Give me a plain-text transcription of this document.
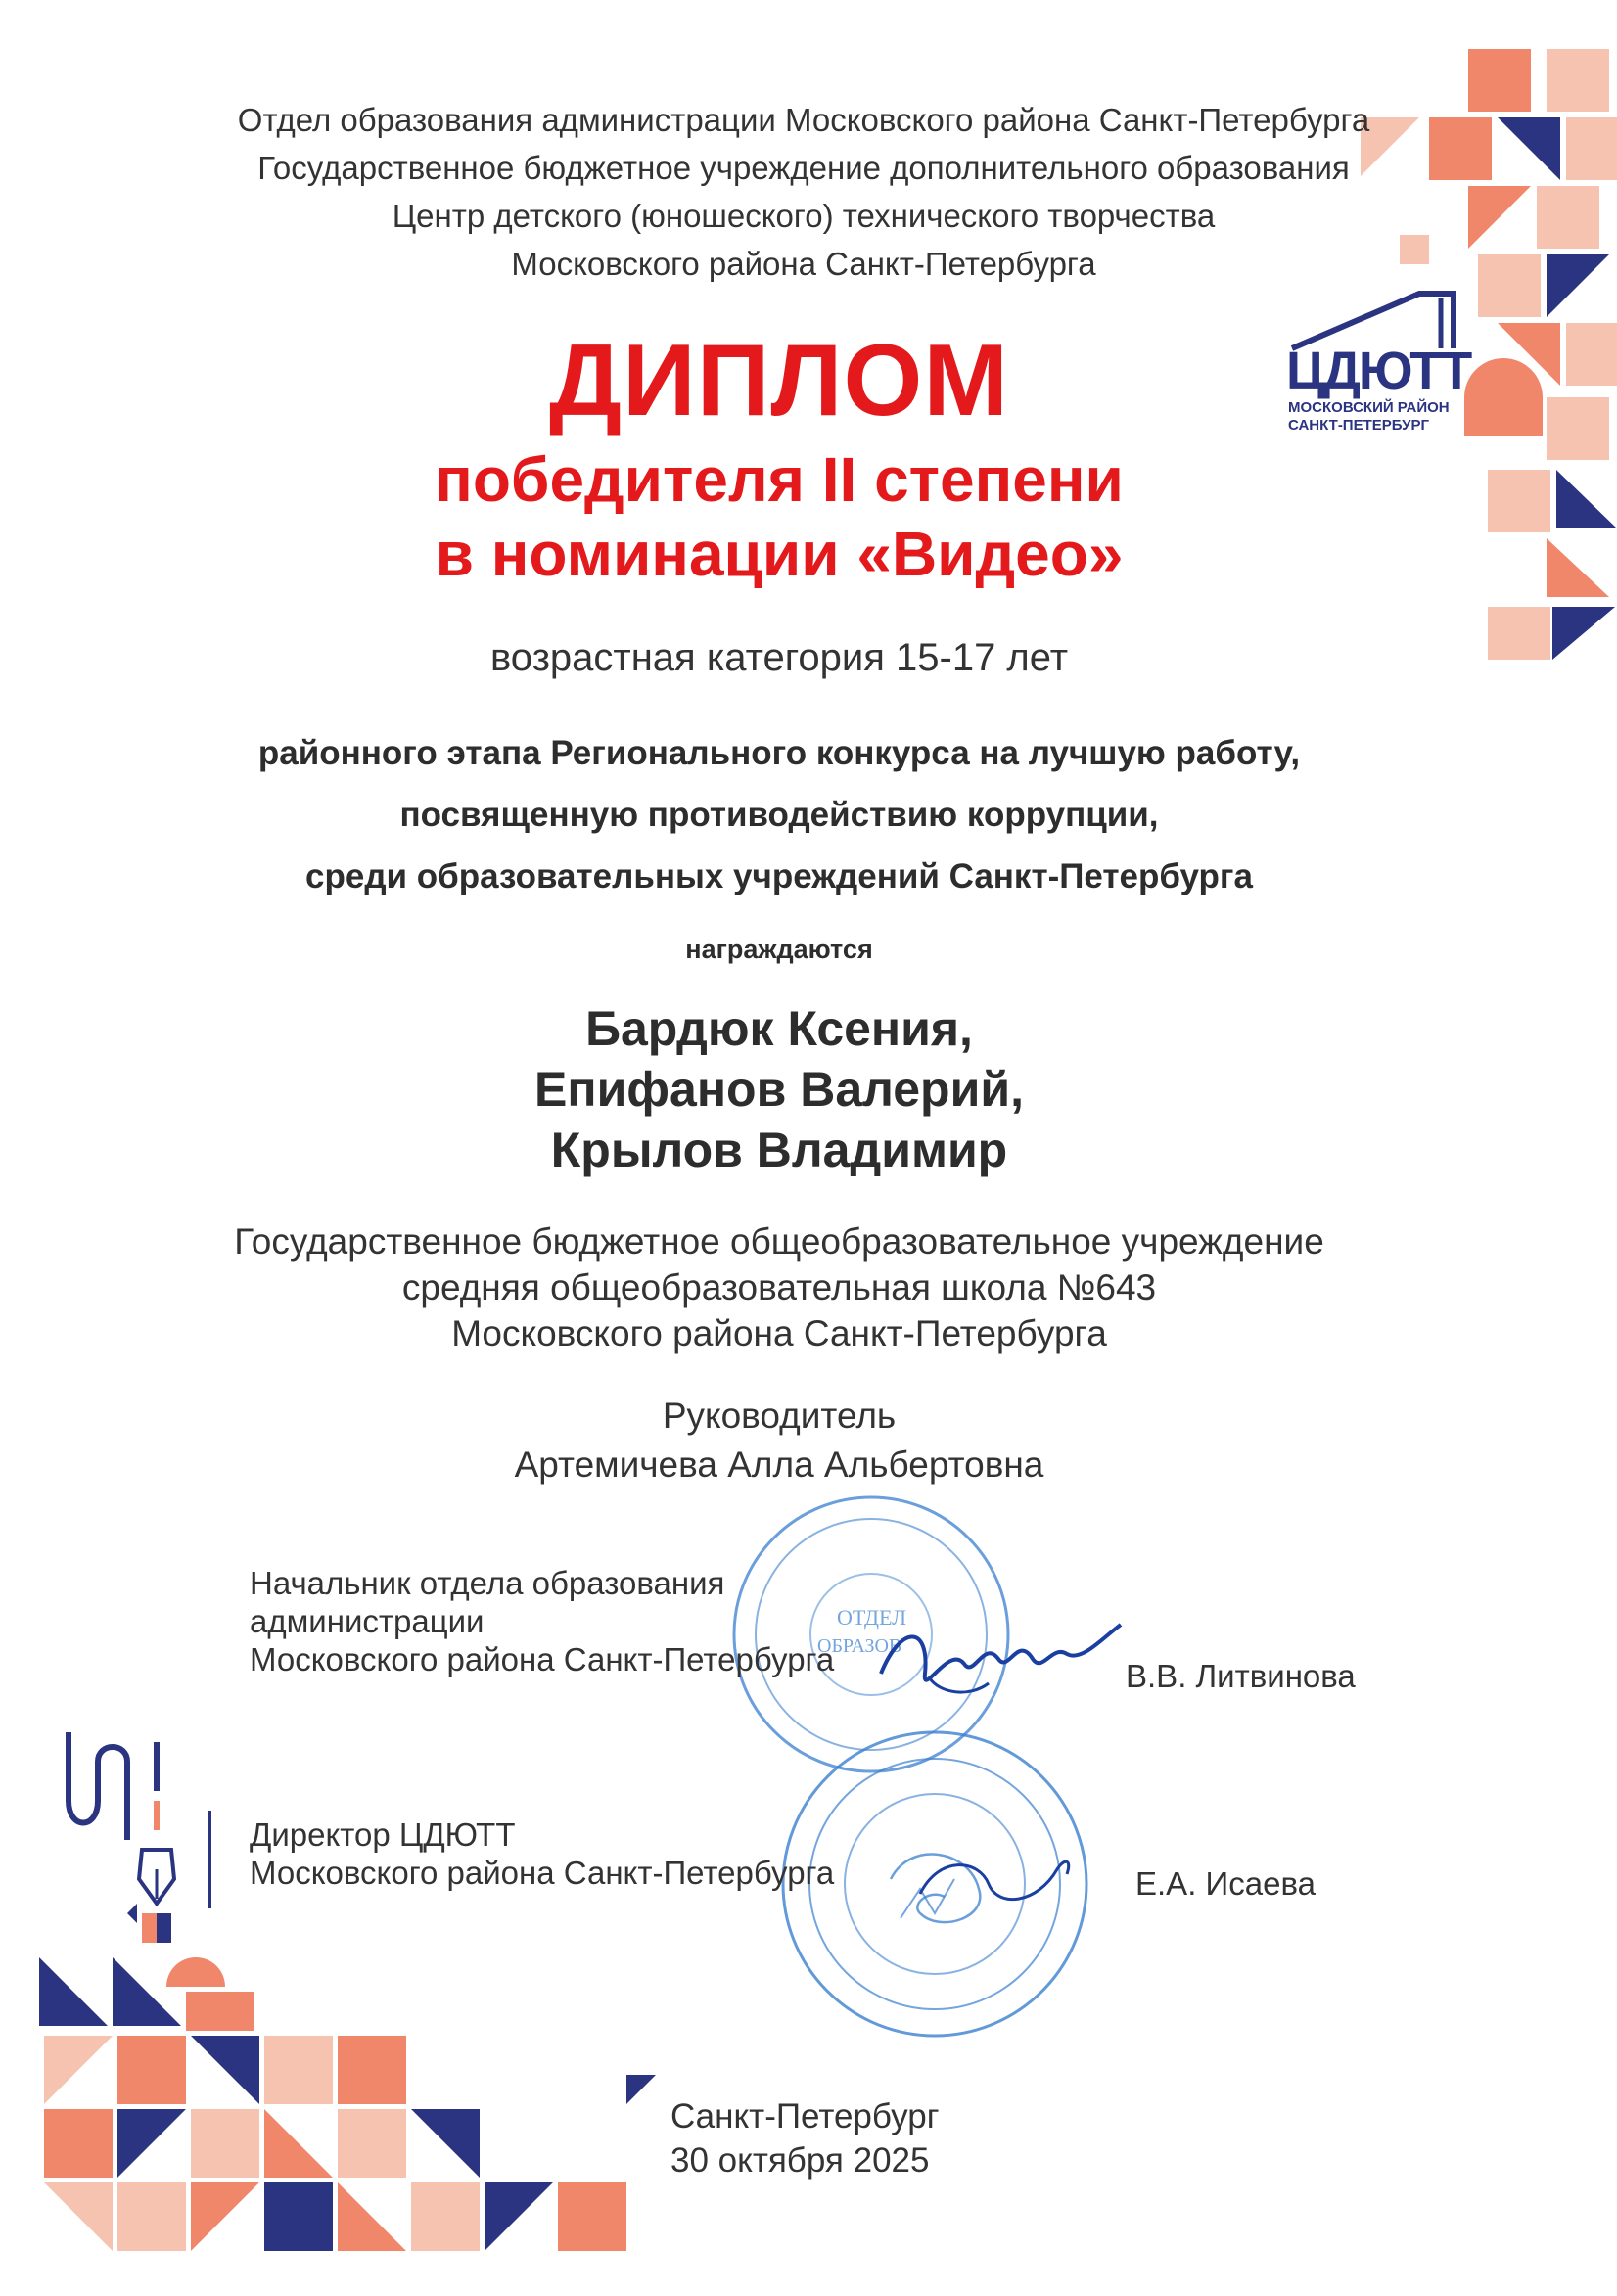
ЦДЮТТ
МОСКОВСКИЙ РАЙОН
САНКТ-ПЕТЕРБУРГ
Отдел образования администрации Московского района Санкт-Петербурга
Государственное бюджетное учреждение дополнительного образования
Центр детского (юношеского) технического творчества
Московского района Санкт-Петербурга
ДИПЛОМ
победителя II степени
в номинации «Видео»
возрастная категория 15-17 лет
районного этапа Регионального конкурса на лучшую работу,
посвященную противодействию коррупции,
среди образовательных учреждений Санкт-Петербурга
награждаются
Бардюк Ксения,
Епифанов Валерий,
Крылов Владимир
Государственное бюджетное общеобразовательное учреждение
средняя общеобразовательная школа №643
Московского района Санкт-Петербурга
Руководитель
Артемичева Алла Альбертовна
ОТДЕЛ
ОБРАЗОВ
Начальник отдела образования
администрации
Московского района Санкт-Петербурга	В.В. Литвинова
Директор ЦДЮТТ
Московского района Санкт-Петербурга	Е.А. Исаева
Санкт-Петербург
30 октября 2025
